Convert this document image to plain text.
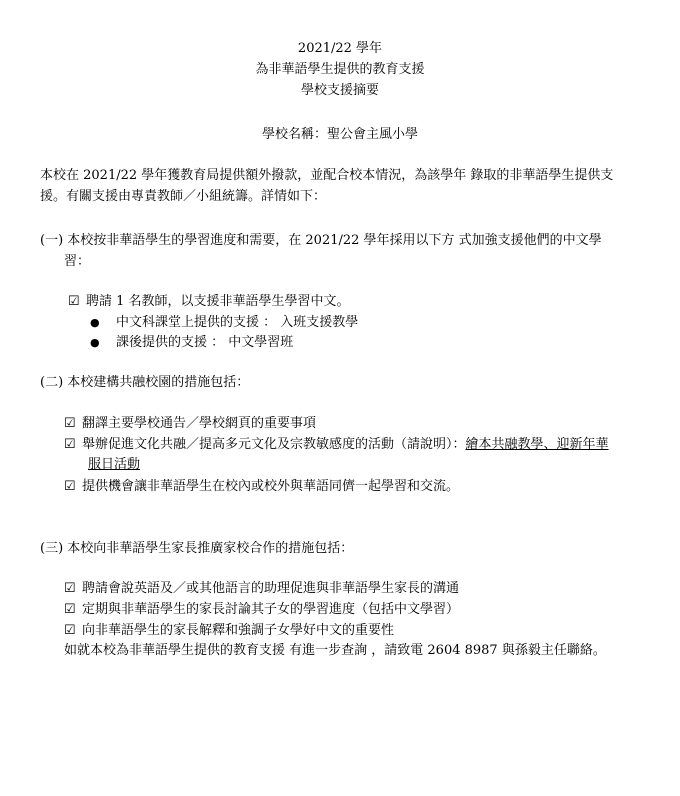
2021/22 學年
為非華語學生提供的教育支援
學校支援摘要
學校名稱：聖公會主風小學
本校在 2021/22 學年獲教育局提供額外撥款，並配合校本情況，為該學年 錄取的非華語學生提供支
援。有關支援由專責教師／小組統籌。詳情如下：
(一) 本校按非華語學生的學習進度和需要，在 2021/22 學年採用以下方 式加強支援他們的中文學
習：
☑ 聘請 1 名教師，以支援非華語學生學習中文。
● 中文科課堂上提供的支援 ： 入班支援教學
● 課後提供的支援 ： 中文學習班
(二) 本校建構共融校園的措施包括：
☑ 翻譯主要學校通告／學校網頁的重要事項
☑ 舉辦促進文化共融／提高多元文化及宗教敏感度的活動（請說明）：繪本共融教學、迎新年華
服日活動
☑ 提供機會讓非華語學生在校內或校外與華語同儕一起學習和交流。
(三) 本校向非華語學生家長推廣家校合作的措施包括：
☑ 聘請會說英語及／或其他語言的助理促進與非華語學生家長的溝通
☑ 定期與非華語學生的家長討論其子女的學習進度（包括中文學習）
☑ 向非華語學生的家長解釋和強調子女學好中文的重要性
如就本校為非華語學生提供的教育支援 有進一步查詢 ，請致電 2604 8987 與孫毅主任聯絡。
